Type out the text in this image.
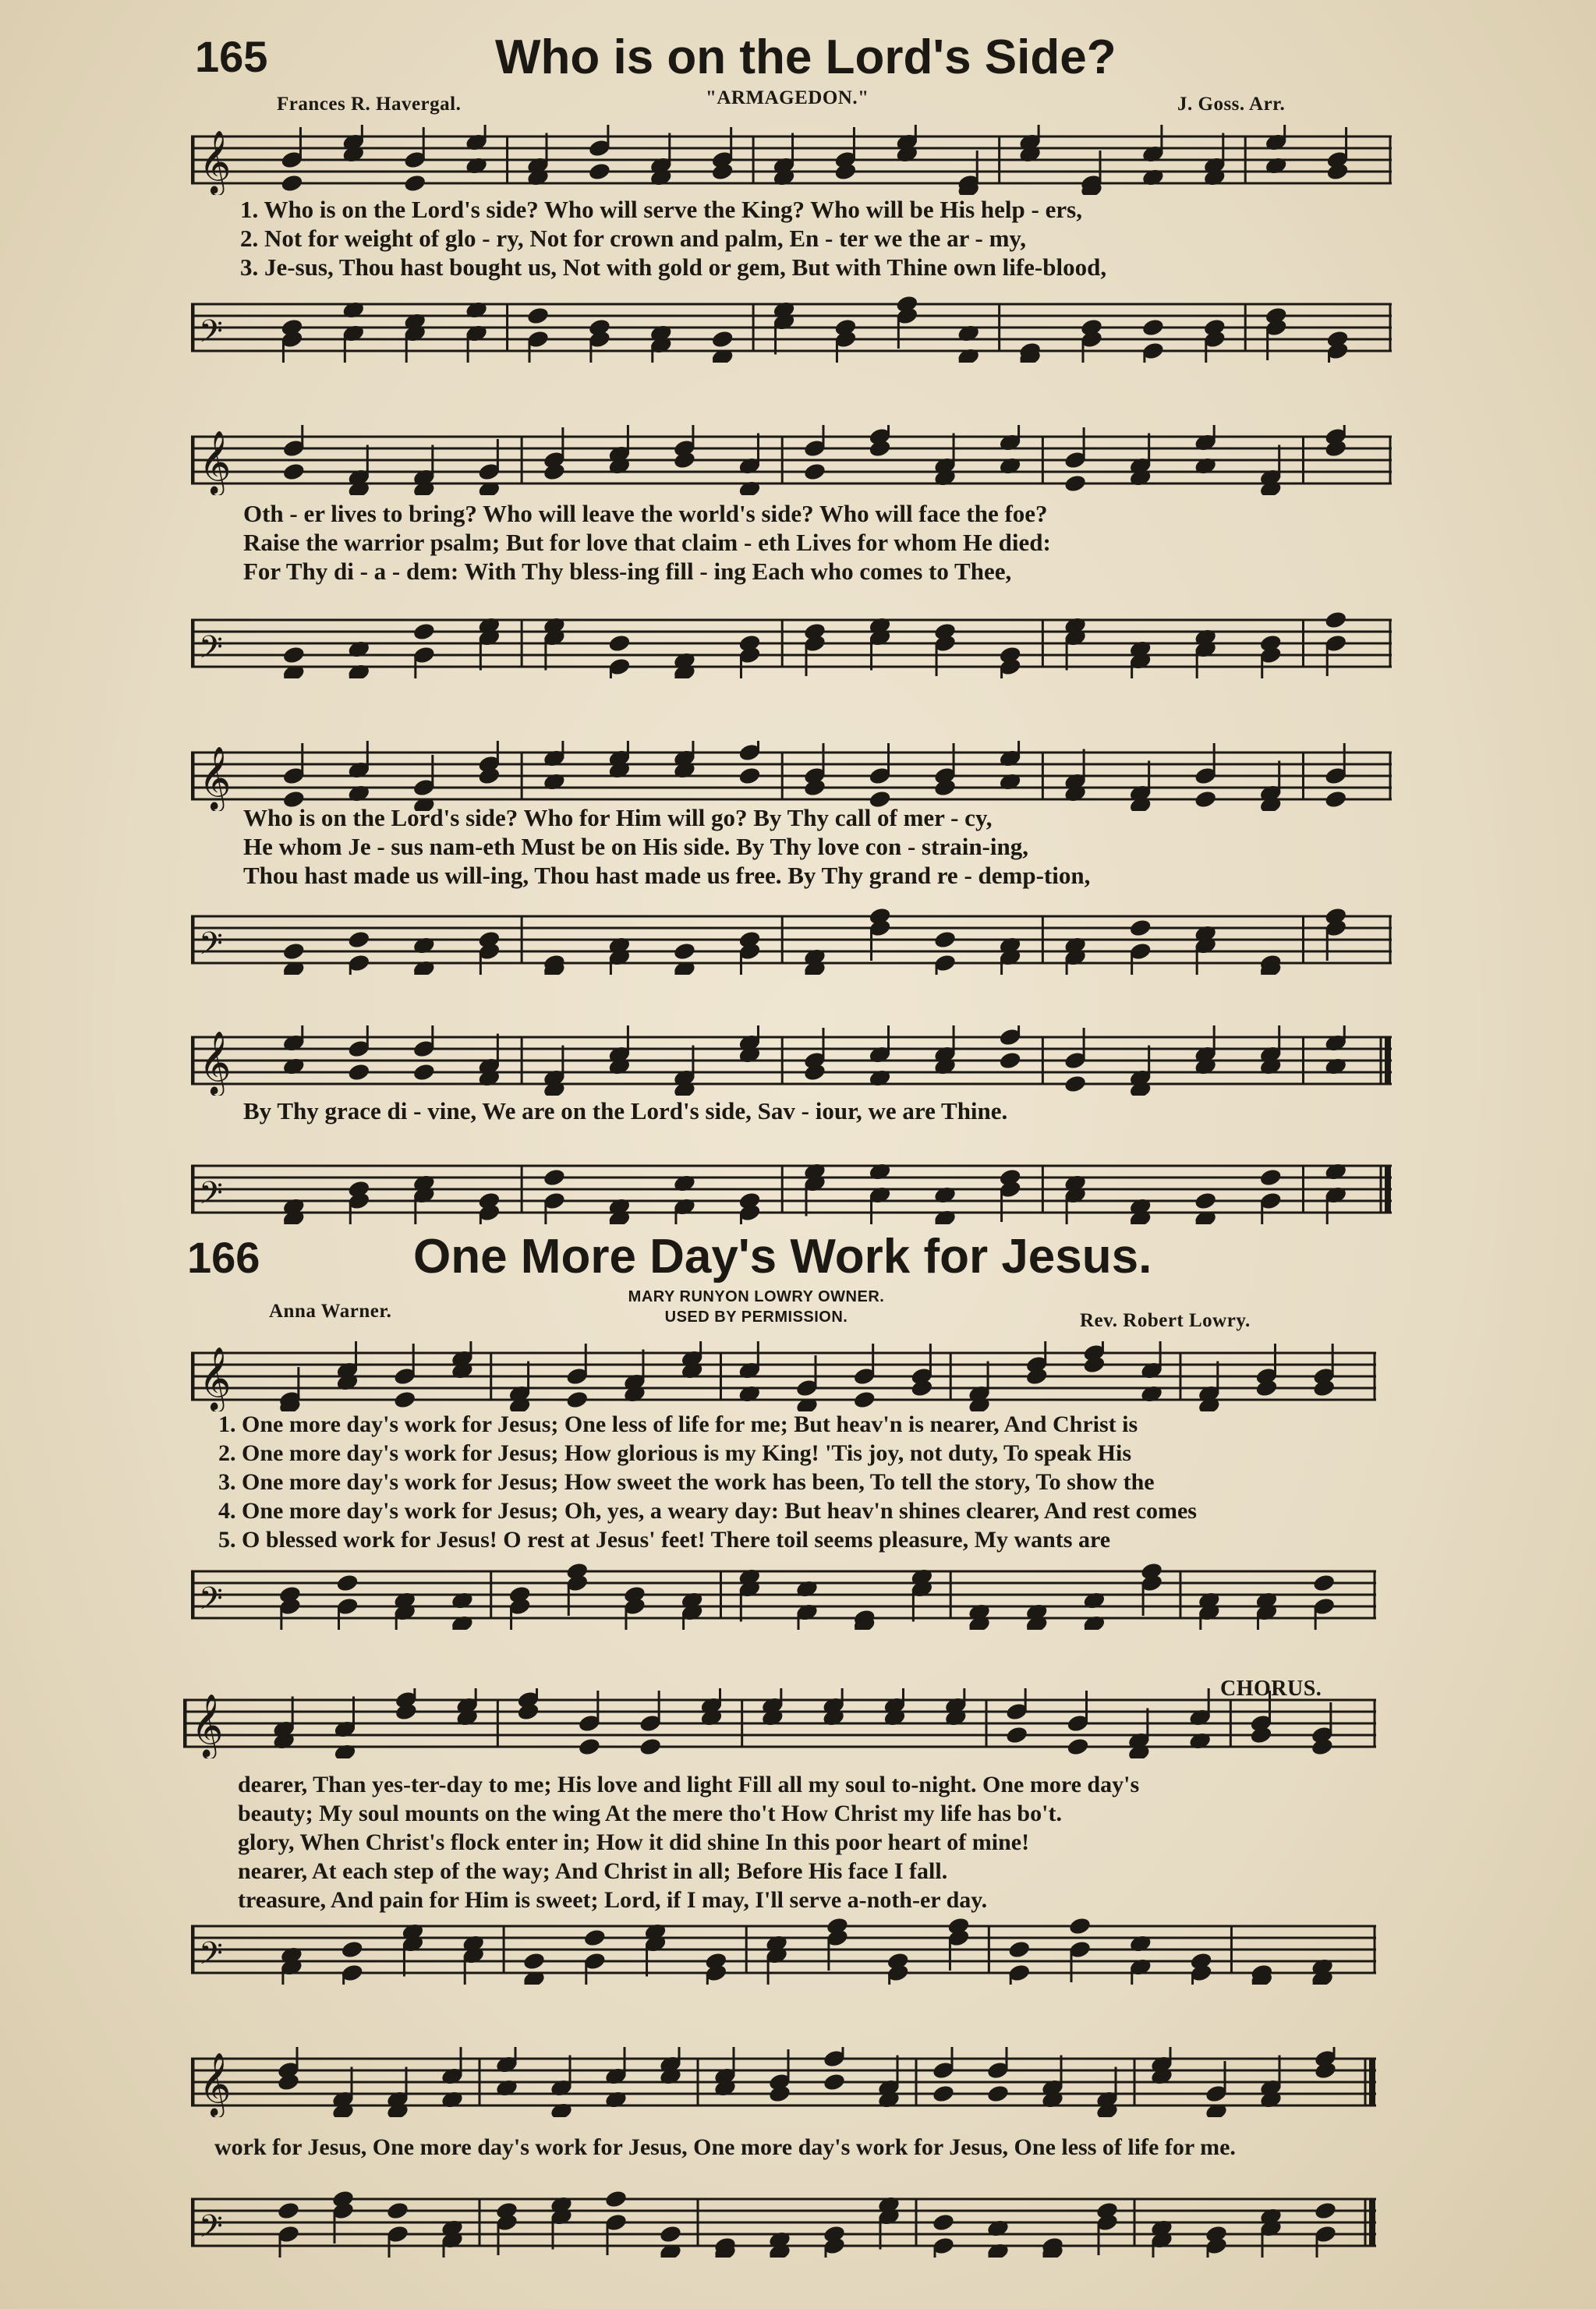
165	Who is on the Lord's Side?
Frances R. Havergal.	"ARMAGEDON."	J. Goss. Arr.
𝄞
1. Who is on the Lord's side? Who will serve the King? Who will be His help - ers,
2. Not for weight of glo - ry, Not for crown and palm, En - ter we the ar - my,
3. Je-sus, Thou hast bought us, Not with gold or gem, But with Thine own life-blood,
𝄢
𝄞
Oth - er lives to bring? Who will leave the world's side? Who will face the foe?
Raise the warrior psalm; But for love that claim - eth Lives for whom He died:
For Thy di - a - dem: With Thy bless-ing fill - ing Each who comes to Thee,
𝄢
𝄞
Who is on the Lord's side? Who for Him will go? By Thy call of mer - cy,
He whom Je - sus nam-eth Must be on His side. By Thy love con - strain-ing,
Thou hast made us will-ing, Thou hast made us free. By Thy grand re - demp-tion,
𝄢
𝄞
By Thy grace di - vine, We are on the Lord's side, Sav - iour, we are Thine.
𝄢
166	One More Day's Work for Jesus.
Anna Warner.
MARY RUNYON LOWRY OWNER.
USED BY PERMISSION.	Rev. Robert Lowry.
𝄞
1. One more day's work for Jesus; One less of life for me; But heav'n is nearer, And Christ is
2. One more day's work for Jesus; How glorious is my King! 'Tis joy, not duty, To speak His
3. One more day's work for Jesus; How sweet the work has been, To tell the story, To show the
4. One more day's work for Jesus; Oh, yes, a weary day: But heav'n shines clearer, And rest comes
5. O blessed work for Jesus! O rest at Jesus' feet! There toil seems pleasure, My wants are
𝄢
CHORUS.
𝄞
dearer, Than yes-ter-day to me; His love and light Fill all my soul to-night. One more day's
beauty; My soul mounts on the wing At the mere tho't How Christ my life has bo't.
glory, When Christ's flock enter in; How it did shine In this poor heart of mine!
nearer, At each step of the way; And Christ in all; Before His face I fall.
treasure, And pain for Him is sweet; Lord, if I may, I'll serve a-noth-er day.
𝄢
𝄞
work for Jesus, One more day's work for Jesus, One more day's work for Jesus, One less of life for me.
𝄢
